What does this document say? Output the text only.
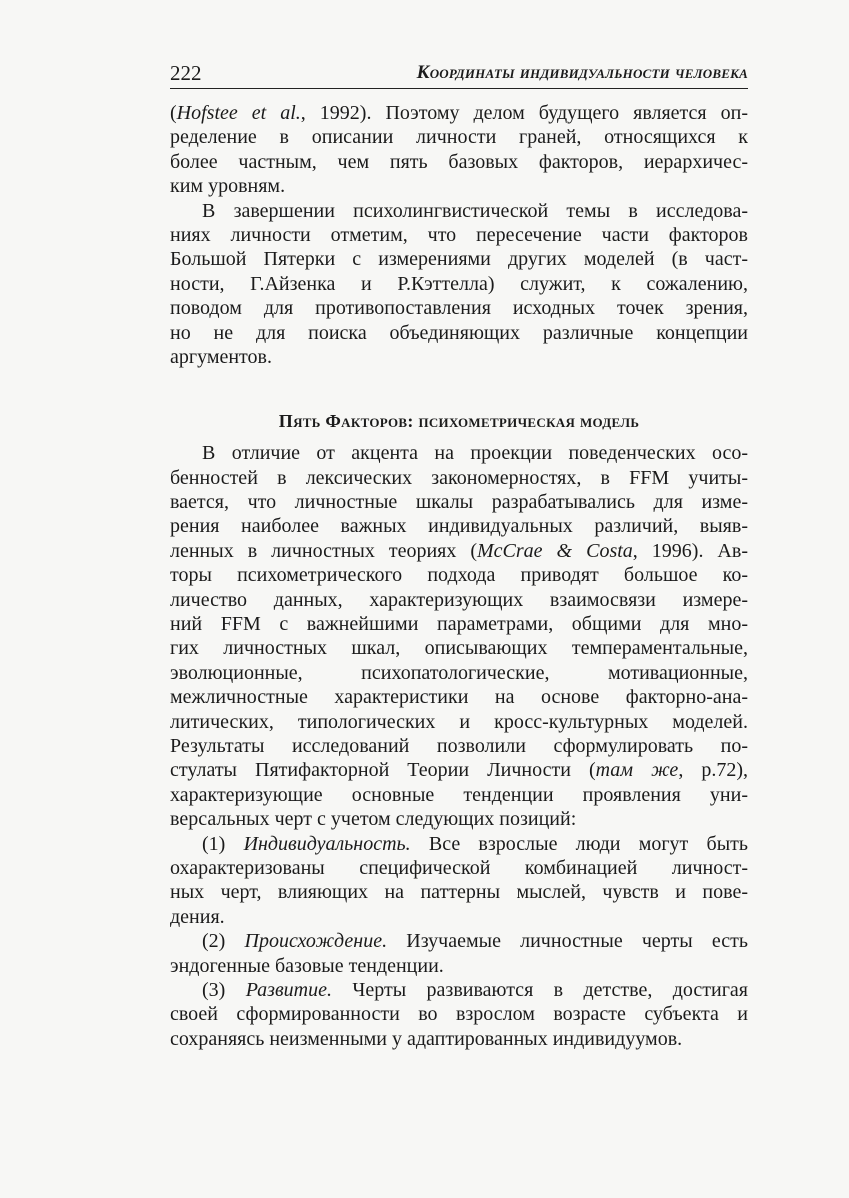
222	Координаты индивидуальности человека
(Hofstee et al., 1992). Поэтому делом будущего является оп-
ределение в описании личности граней, относящихся к
более частным, чем пять базовых факторов, иерархичес-
ким уровням.
В завершении психолингвистической темы в исследова-
ниях личности отметим, что пересечение части факторов
Большой Пятерки с измерениями других моделей (в част-
ности, Г.Айзенка и Р.Кэттелла) служит, к сожалению,
поводом для противопоставления исходных точек зрения,
но не для поиска объединяющих различные концепции
аргументов.
Пять Факторов: психометрическая модель
В отличие от акцента на проекции поведенческих осо-
бенностей в лексических закономерностях, в FFM учиты-
вается, что личностные шкалы разрабатывались для изме-
рения наиболее важных индивидуальных различий, выяв-
ленных в личностных теориях (McCrae & Costa, 1996). Ав-
торы психометрического подхода приводят большое ко-
личество данных, характеризующих взаимосвязи измере-
ний FFM с важнейшими параметрами, общими для мно-
гих личностных шкал, описывающих темпераментальные,
эволюционные, психопатологические, мотивационные,
межличностные характеристики на основе факторно-ана-
литических, типологических и кросс-культурных моделей.
Результаты исследований позволили сформулировать по-
стулаты Пятифакторной Теории Личности (там же, р.72),
характеризующие основные тенденции проявления уни-
версальных черт с учетом следующих позиций:
(1) Индивидуальность. Все взрослые люди могут быть
охарактеризованы специфической комбинацией личност-
ных черт, влияющих на паттерны мыслей, чувств и пове-
дения.
(2) Происхождение. Изучаемые личностные черты есть
эндогенные базовые тенденции.
(3) Развитие. Черты развиваются в детстве, достигая
своей сформированности во взрослом возрасте субъекта и
сохраняясь неизменными у адаптированных индивидуумов.
